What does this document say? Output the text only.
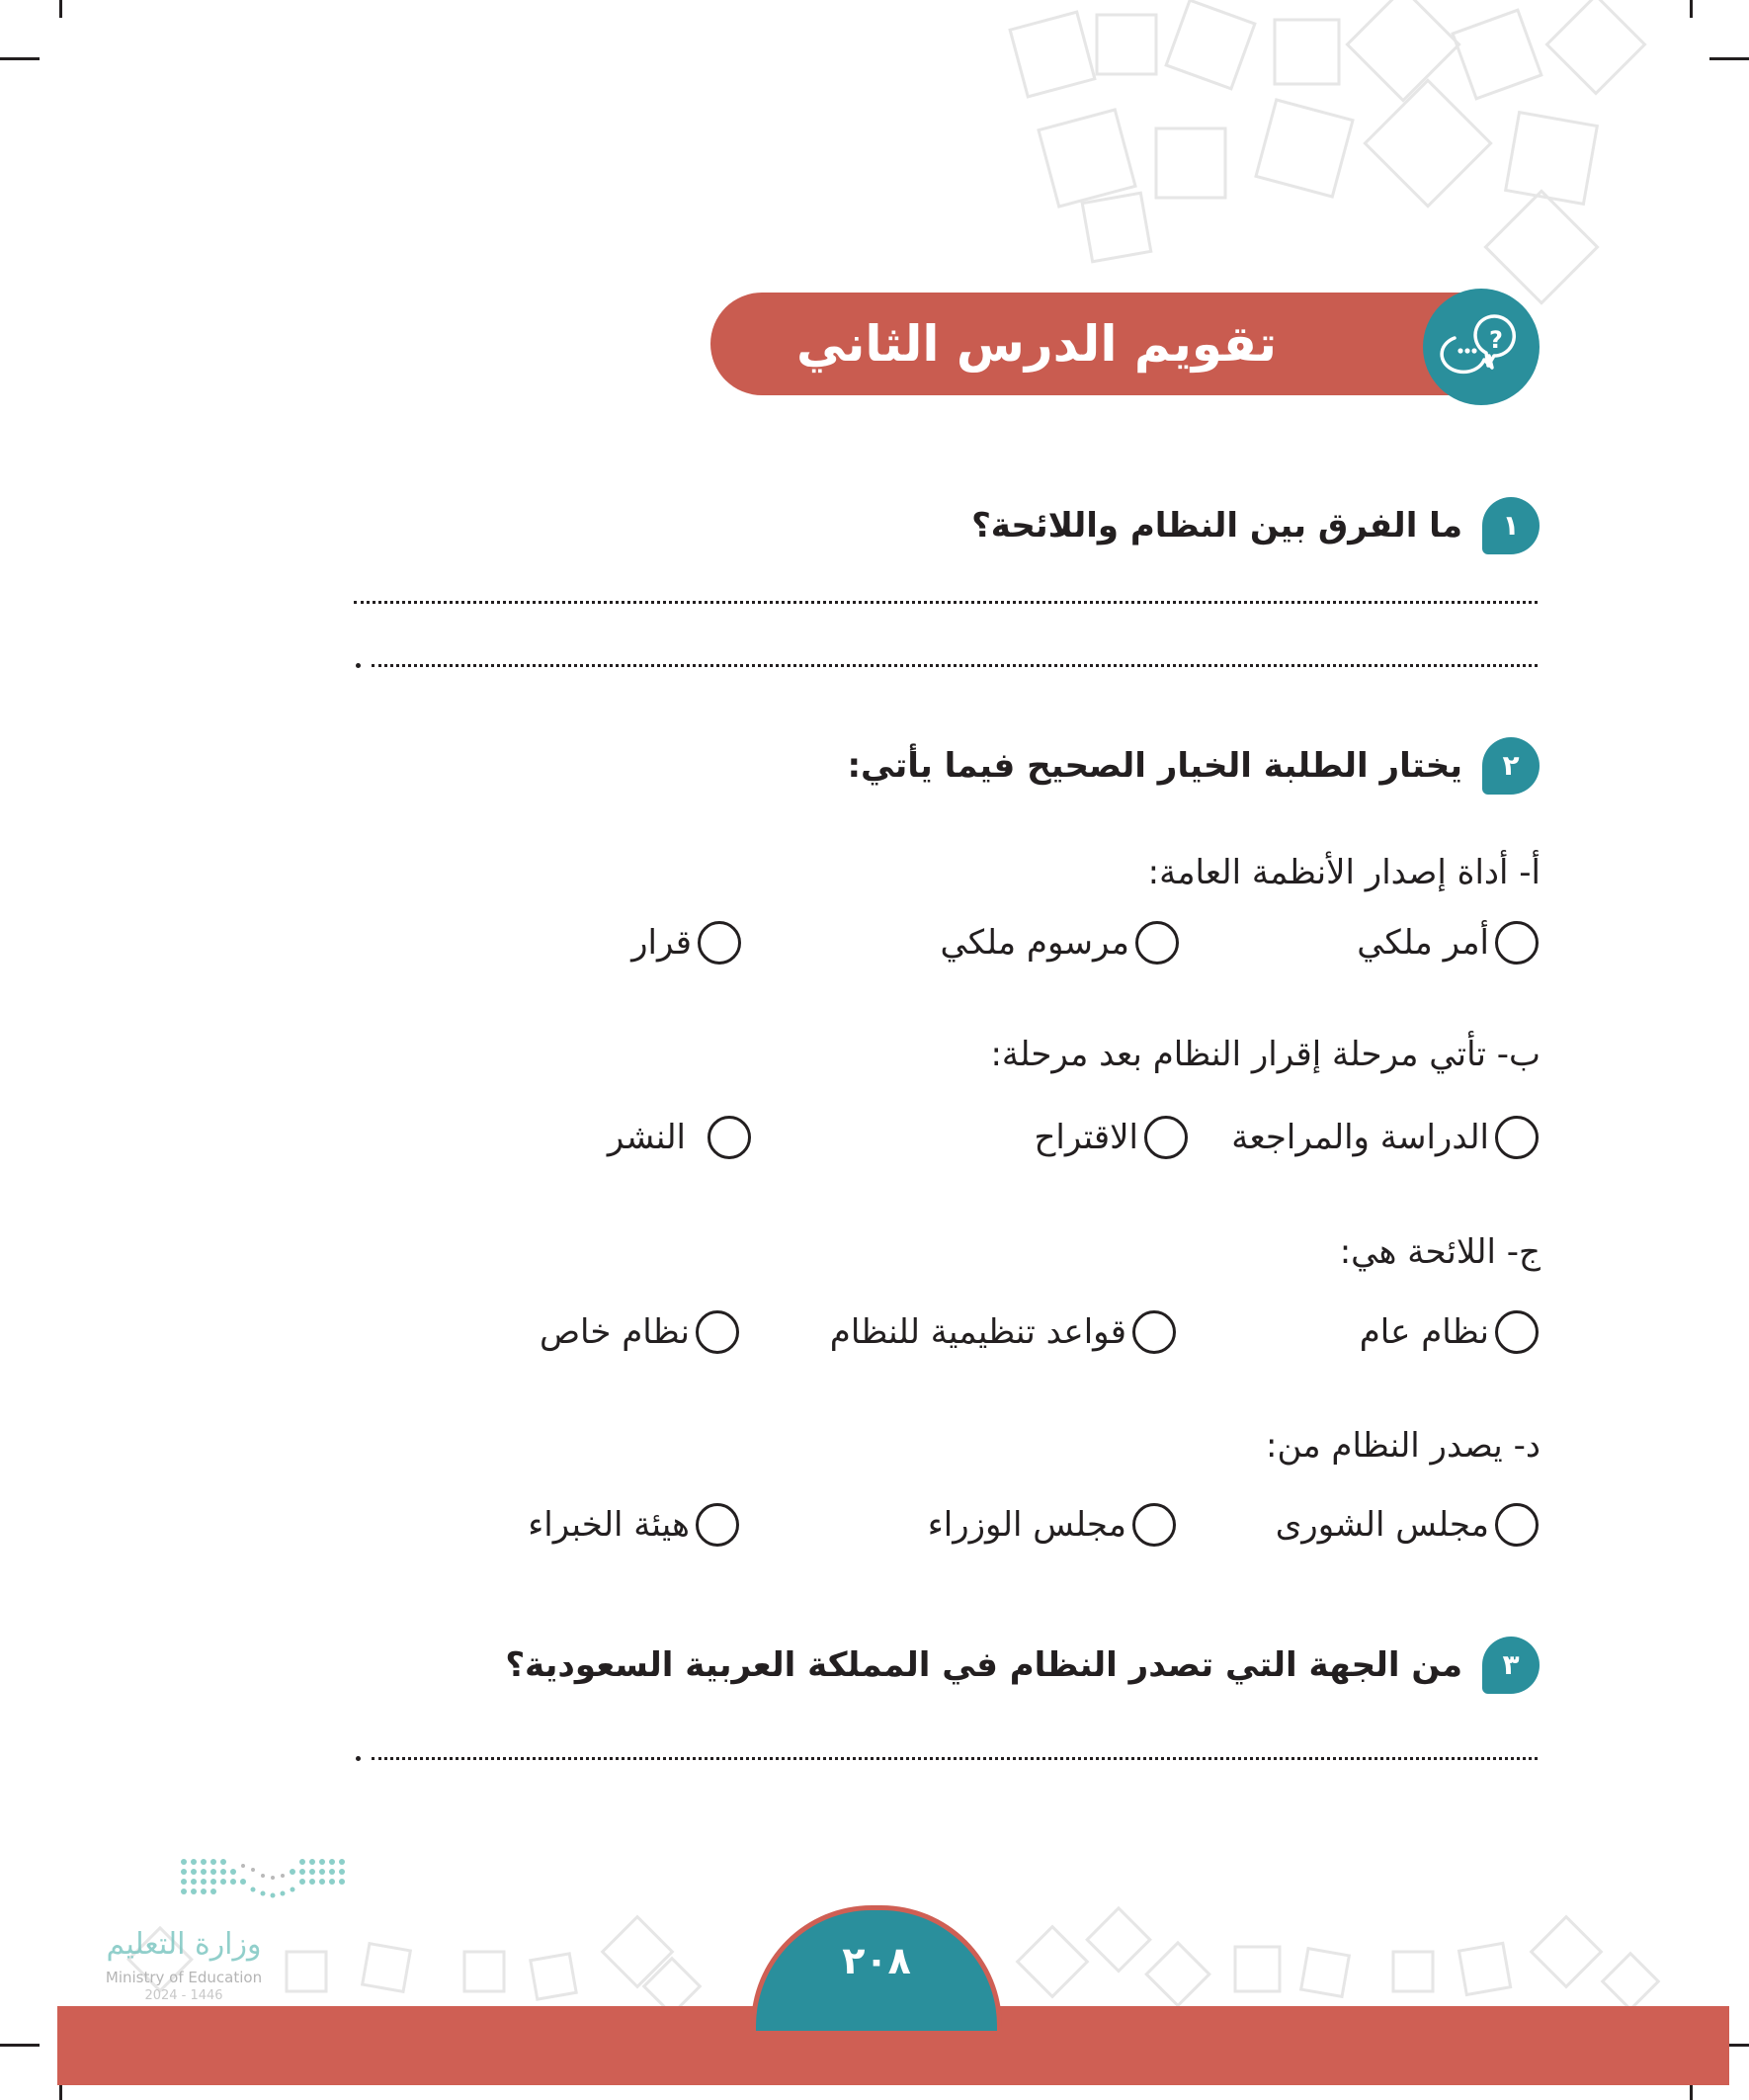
تقويم الدرس الثاني والعشرين
?
١
ما الفرق بين النظام واللائحة؟
٢
يختار الطلبة الخيار الصحيح فيما يأتي:
أ- أداة إصدار الأنظمة العامة:
أمر ملكي
مرسوم ملكي
قرار
ب- تأتي مرحلة إقرار النظام بعد مرحلة:
الدراسة والمراجعة
الاقتراح
النشر
ج- اللائحة هي:
نظام عام
قواعد تنظيمية للنظام
نظام خاص
د- يصدر النظام من:
مجلس الشورى
مجلس الوزراء
هيئة الخبراء
٣
من الجهة التي تصدر النظام في المملكة العربية السعودية؟
وزارة التعليم
Ministry of Education
2024 - 1446
٢٠٨
